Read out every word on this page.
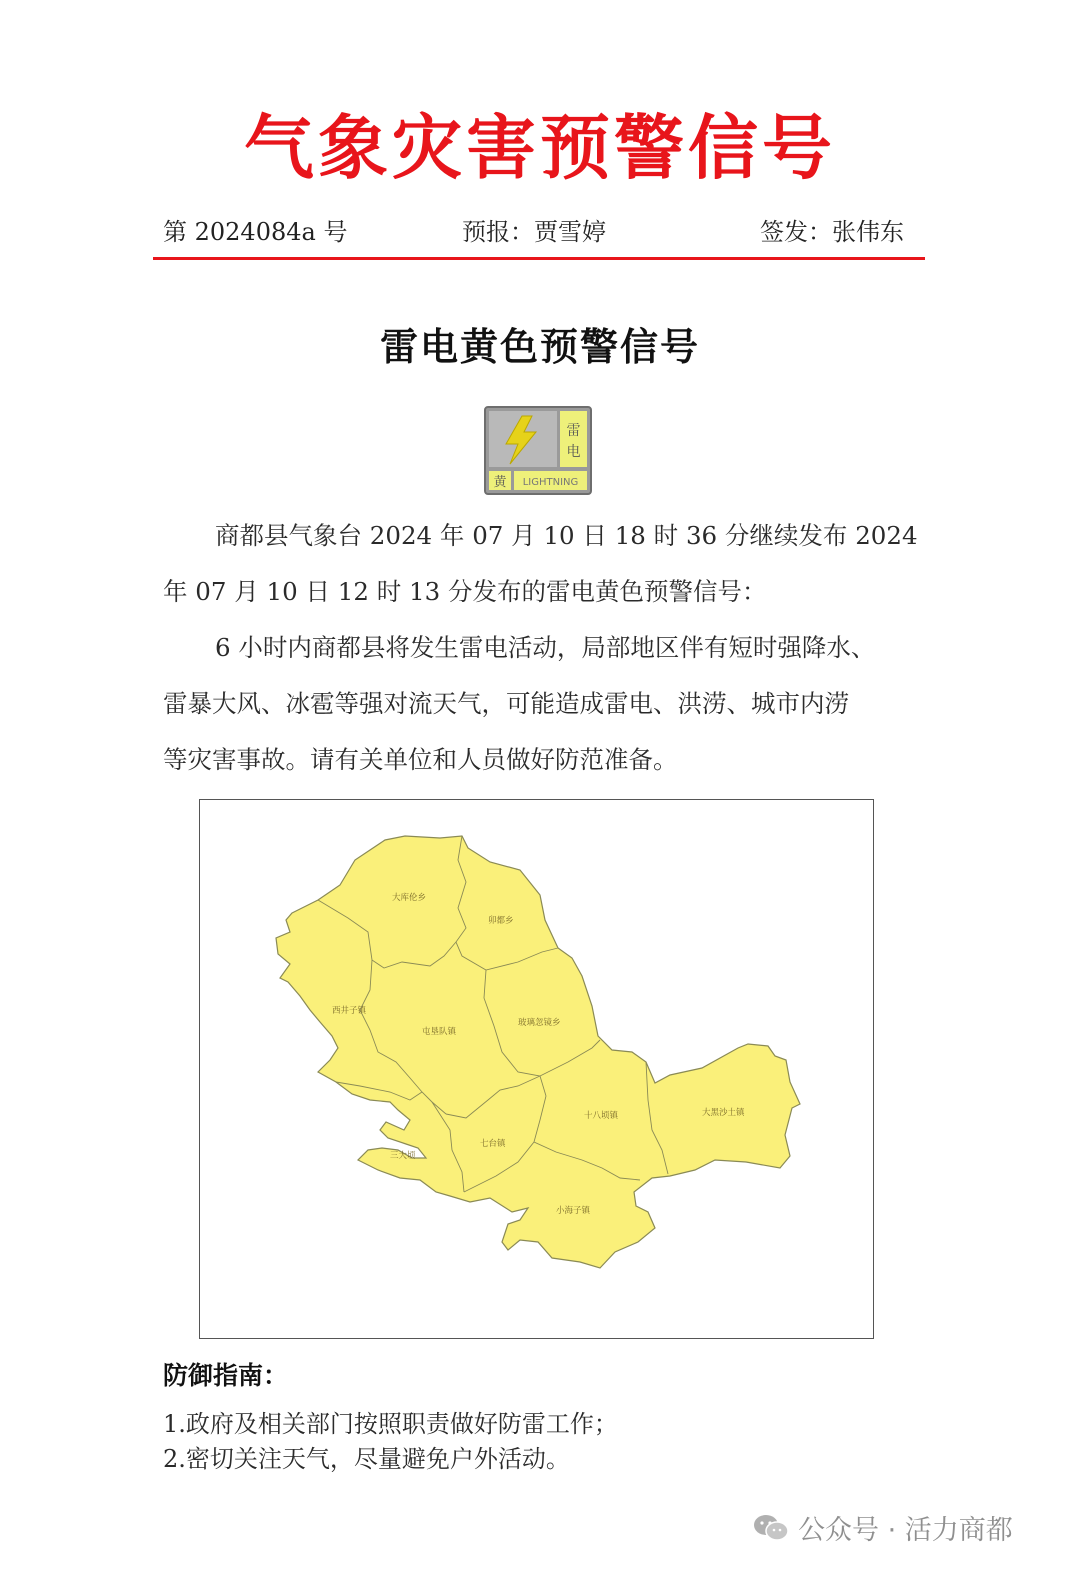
气象灾害预警信号
第 2024084a 号	预报：贾雪婷	签发：张伟东
雷电黄色预警信号
雷
电
黄 LIGHTNING
商都县气象台 2024 年 07 月 10 日 18 时 36 分继续发布 2024
年 07 月 10 日 12 时 13 分发布的雷电黄色预警信号：
6 小时内商都县将发生雷电活动，局部地区伴有短时强降水、
雷暴大风、冰雹等强对流天气，可能造成雷电、洪涝、城市内涝
等灾害事故。请有关单位和人员做好防范准备。
大库伦乡
卯都乡
西井子镇
屯垦队镇
玻璃忽镜乡
十八顷镇	大黑沙土镇
七台镇
三大顷
小海子镇
防御指南：
1.政府及相关部门按照职责做好防雷工作；
2.密切关注天气，尽量避免户外活动。
公众号 · 活力商都
